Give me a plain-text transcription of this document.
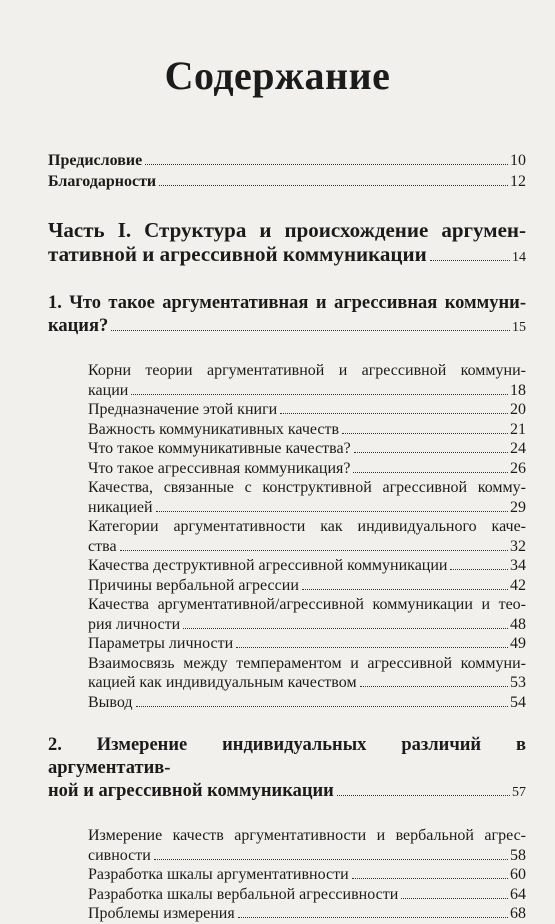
Содержание
Предисловие	10
Благодарности	12
Часть I. Структура и происхождение аргумен-
тативной и агрессивной коммуникации	14
1. Что такое аргументативная и агрессивная коммуни-
кация?	15
Корни теории аргументативной и агрессивной коммуни-
кации	18
Предназначение этой книги	20
Важность коммуникативных качеств	21
Что такое коммуникативные качества?	24
Что такое агрессивная коммуникация?	26
Качества, связанные с конструктивной агрессивной комму-
никацией	29
Категории аргументативности как индивидуального каче-
ства	32
Качества деструктивной агрессивной коммуникации	34
Причины вербальной агрессии	42
Качества аргументативной/агрессивной коммуникации и тео-
рия личности	48
Параметры личности	49
Взаимосвязь между темпераментом и агрессивной коммуни-
кацией как индивидуальным качеством	53
Вывод	54
2. Измерение индивидуальных различий в аргументатив-
ной и агрессивной коммуникации	57
Измерение качеств аргументативности и вербальной агрес-
сивности	58
Разработка шкалы аргументативности	60
Разработка шкалы вербальной агрессивности	64
Проблемы измерения	68
